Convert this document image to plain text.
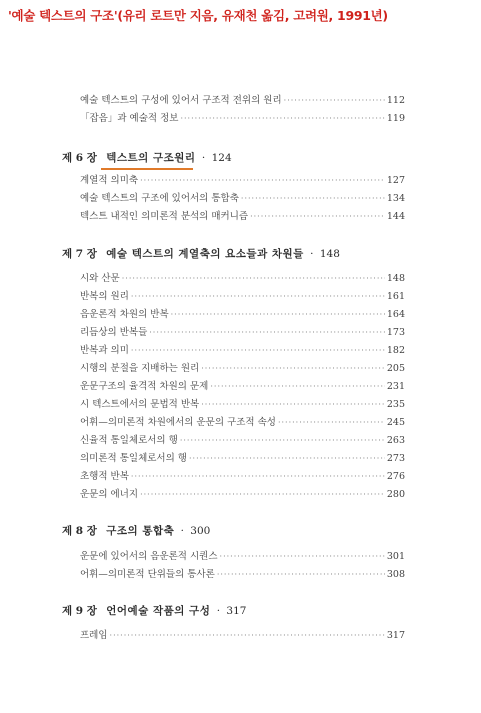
'예술 텍스트의 구조'(유리 로트만 지음, 유재천 옮김, 고려원, 1991년)
예술 텍스트의 구성에 있어서 구조적 전위의 원리 ·····	112
「잡음」과 예술적 정보 ·····	119
제 6 장 텍스트의 구조원리 · 124
계열적 의미축 ·····	127
예술 텍스트의 구조에 있어서의 통합축 ·····	134
텍스트 내적인 의미론적 분석의 매커니즘 ·····	144
제 7 장 예술 텍스트의 계열축의 요소들과 차원들 · 148
시와 산문 ·····	148
반복의 원리 ·····	161
음운론적 차원의 반복 ·····	164
리듬상의 반복들 ·····	173
반복과 의미 ·····	182
시행의 분절을 지배하는 원리 ·····	205
운문구조의 율격적 차원의 문제 ·····	231
시 텍스트에서의 문법적 반복 ·····	235
어휘—의미론적 차원에서의 운문의 구조적 속성 ·····	245
신율적 통일체로서의 행 ·····	263
의미론적 통일체로서의 행 ·····	273
초행적 반복 ·····	276
운문의 에너지 ·····	280
제 8 장 구조의 통합축 · 300
운문에 있어서의 음운론적 시퀀스 ·····	301
어휘—의미론적 단위들의 통사론 ·····	308
제 9 장 언어예술 작품의 구성 · 317
프레임 ·····	317
